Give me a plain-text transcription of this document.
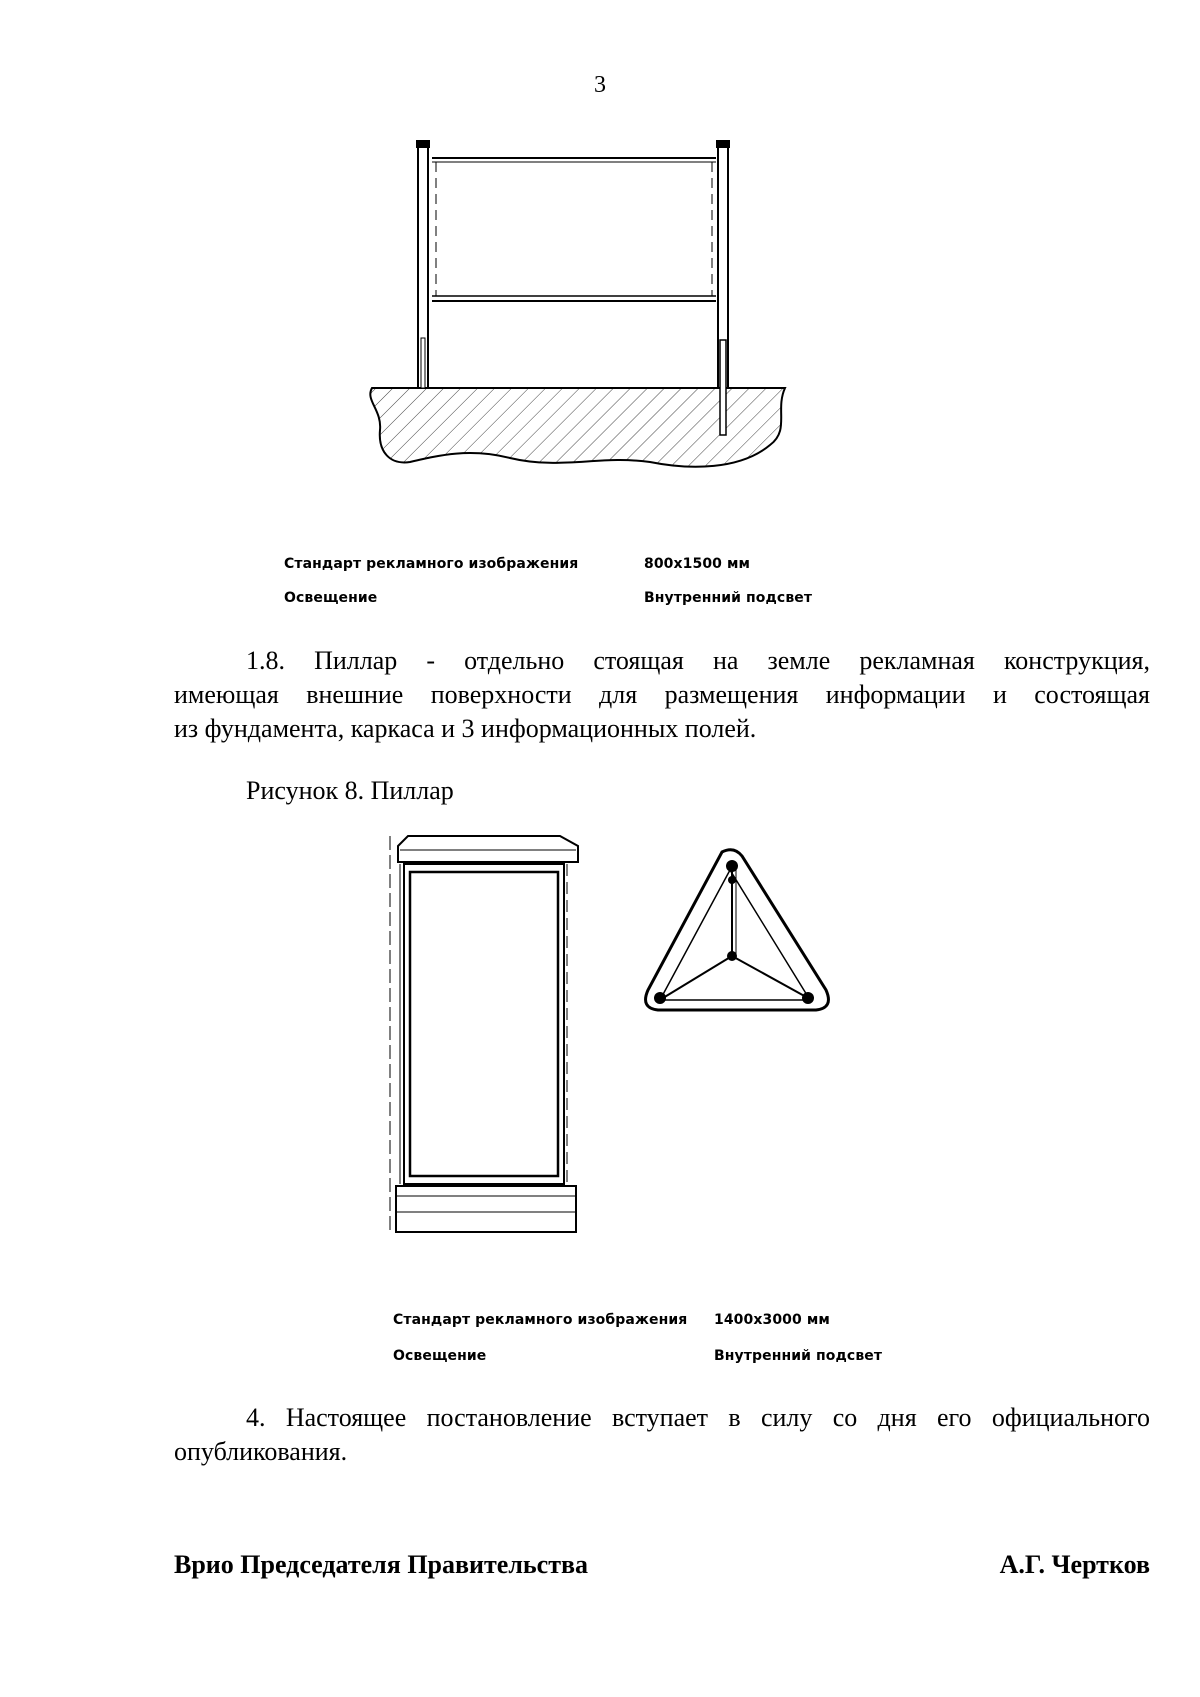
3
Стандарт рекламного изображения	800x1500 мм
Освещение	Внутренний подсвет
1.8. Пиллар - отдельно стоящая на земле рекламная конструкция,
имеющая внешние поверхности для размещения информации и состоящая
из фундамента, каркаса и 3 информационных полей.
Рисунок 8. Пиллар
Стандарт рекламного изображения 1400x3000 мм
Освещение	Внутренний подсвет
4. Настоящее постановление вступает в силу со дня его официального
опубликования.
Врио Председателя Правительства	А.Г. Чертков
